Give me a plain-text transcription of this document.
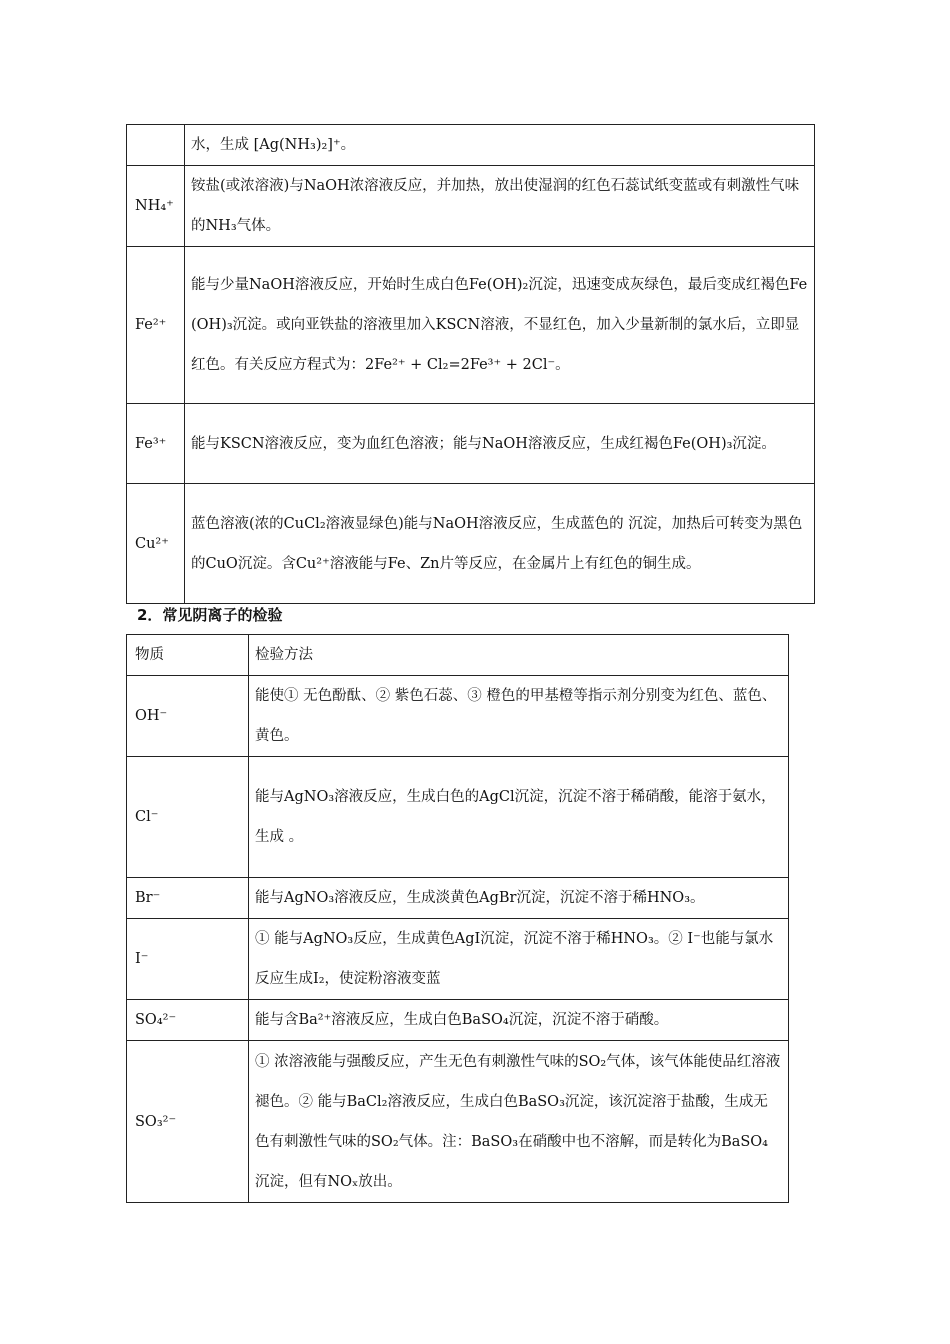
	水，生成 [Ag(NH₃)₂]⁺。
NH₄⁺	铵盐(或浓溶液)与NaOH浓溶液反应，并加热，放出使湿润的红色石蕊试纸变蓝或有刺激性气味的NH₃气体。
Fe²⁺	能与少量NaOH溶液反应，开始时生成白色Fe(OH)₂沉淀，迅速变成灰绿色，最后变成红褐色Fe(OH)₃沉淀。或向亚铁盐的溶液里加入KSCN溶液，不显红色，加入少量新制的氯水后，立即显红色。有关反应方程式为：2Fe²⁺ + Cl₂=2Fe³⁺ + 2Cl⁻。
Fe³⁺	能与KSCN溶液反应，变为血红色溶液；能与NaOH溶液反应，生成红褐色Fe(OH)₃沉淀。
Cu²⁺	蓝色溶液(浓的CuCl₂溶液显绿色)能与NaOH溶液反应，生成蓝色的 沉淀，加热后可转变为黑色的CuO沉淀。含Cu²⁺溶液能与Fe、Zn片等反应，在金属片上有红色的铜生成。
2．常见阴离子的检验
物质	检验方法
OH⁻	能使① 无色酚酞、② 紫色石蕊、③ 橙色的甲基橙等指示剂分别变为红色、蓝色、黄色。
Cl⁻	能与AgNO₃溶液反应，生成白色的AgCl沉淀，沉淀不溶于稀硝酸，能溶于氨水，生成 。
Br⁻	能与AgNO₃溶液反应，生成淡黄色AgBr沉淀，沉淀不溶于稀HNO₃。
I⁻	① 能与AgNO₃反应，生成黄色AgI沉淀，沉淀不溶于稀HNO₃。② I⁻也能与氯水反应生成I₂，使淀粉溶液变蓝
SO₄²⁻	能与含Ba²⁺溶液反应，生成白色BaSO₄沉淀，沉淀不溶于硝酸。
SO₃²⁻	① 浓溶液能与强酸反应，产生无色有刺激性气味的SO₂气体，该气体能使品红溶液褪色。② 能与BaCl₂溶液反应，生成白色BaSO₃沉淀，该沉淀溶于盐酸，生成无色有刺激性气味的SO₂气体。注：BaSO₃在硝酸中也不溶解，而是转化为BaSO₄沉淀，但有NOₓ放出。
